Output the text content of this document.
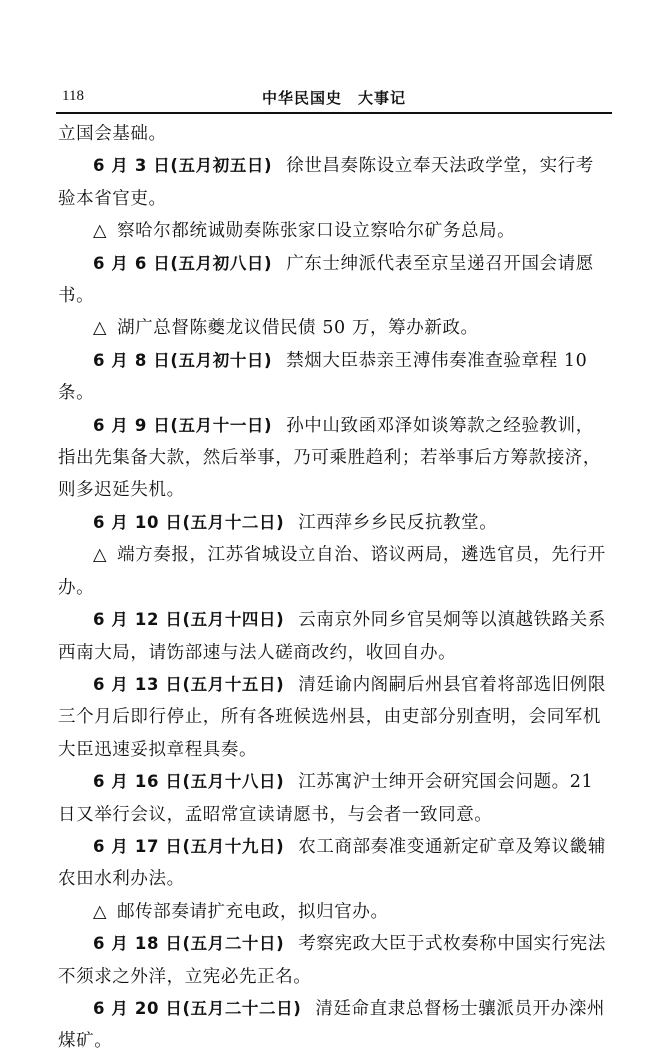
118	中华民国史　大事记

立国会基础。

6 月 3 日(五月初五日) 徐世昌奏陈设立奉天法政学堂，实行考验本省官吏。

△ 察哈尔都统诚勋奏陈张家口设立察哈尔矿务总局。

6 月 6 日(五月初八日) 广东士绅派代表至京呈递召开国会请愿书。

△ 湖广总督陈夔龙议借民债 50 万，筹办新政。

6 月 8 日(五月初十日) 禁烟大臣恭亲王溥伟奏准查验章程 10 条。

6 月 9 日(五月十一日) 孙中山致函邓泽如谈筹款之经验教训，指出先集备大款，然后举事，乃可乘胜趋利；若举事后方筹款接济，则多迟延失机。

6 月 10 日(五月十二日) 江西萍乡乡民反抗教堂。

△ 端方奏报，江苏省城设立自治、谘议两局，遴选官员，先行开办。

6 月 12 日(五月十四日) 云南京外同乡官吴炯等以滇越铁路关系西南大局，请饬部速与法人磋商改约，收回自办。

6 月 13 日(五月十五日) 清廷谕内阁嗣后州县官着将部选旧例限三个月后即行停止，所有各班候选州县，由吏部分别查明，会同军机大臣迅速妥拟章程具奏。

6 月 16 日(五月十八日) 江苏寓沪士绅开会研究国会问题。21 日又举行会议，孟昭常宣读请愿书，与会者一致同意。

6 月 17 日(五月十九日) 农工商部奏准变通新定矿章及筹议畿辅农田水利办法。

△ 邮传部奏请扩充电政，拟归官办。

6 月 18 日(五月二十日) 考察宪政大臣于式枚奏称中国实行宪法不须求之外洋，立宪必先正名。

6 月 20 日(五月二十二日) 清廷命直隶总督杨士骧派员开办滦州煤矿。
